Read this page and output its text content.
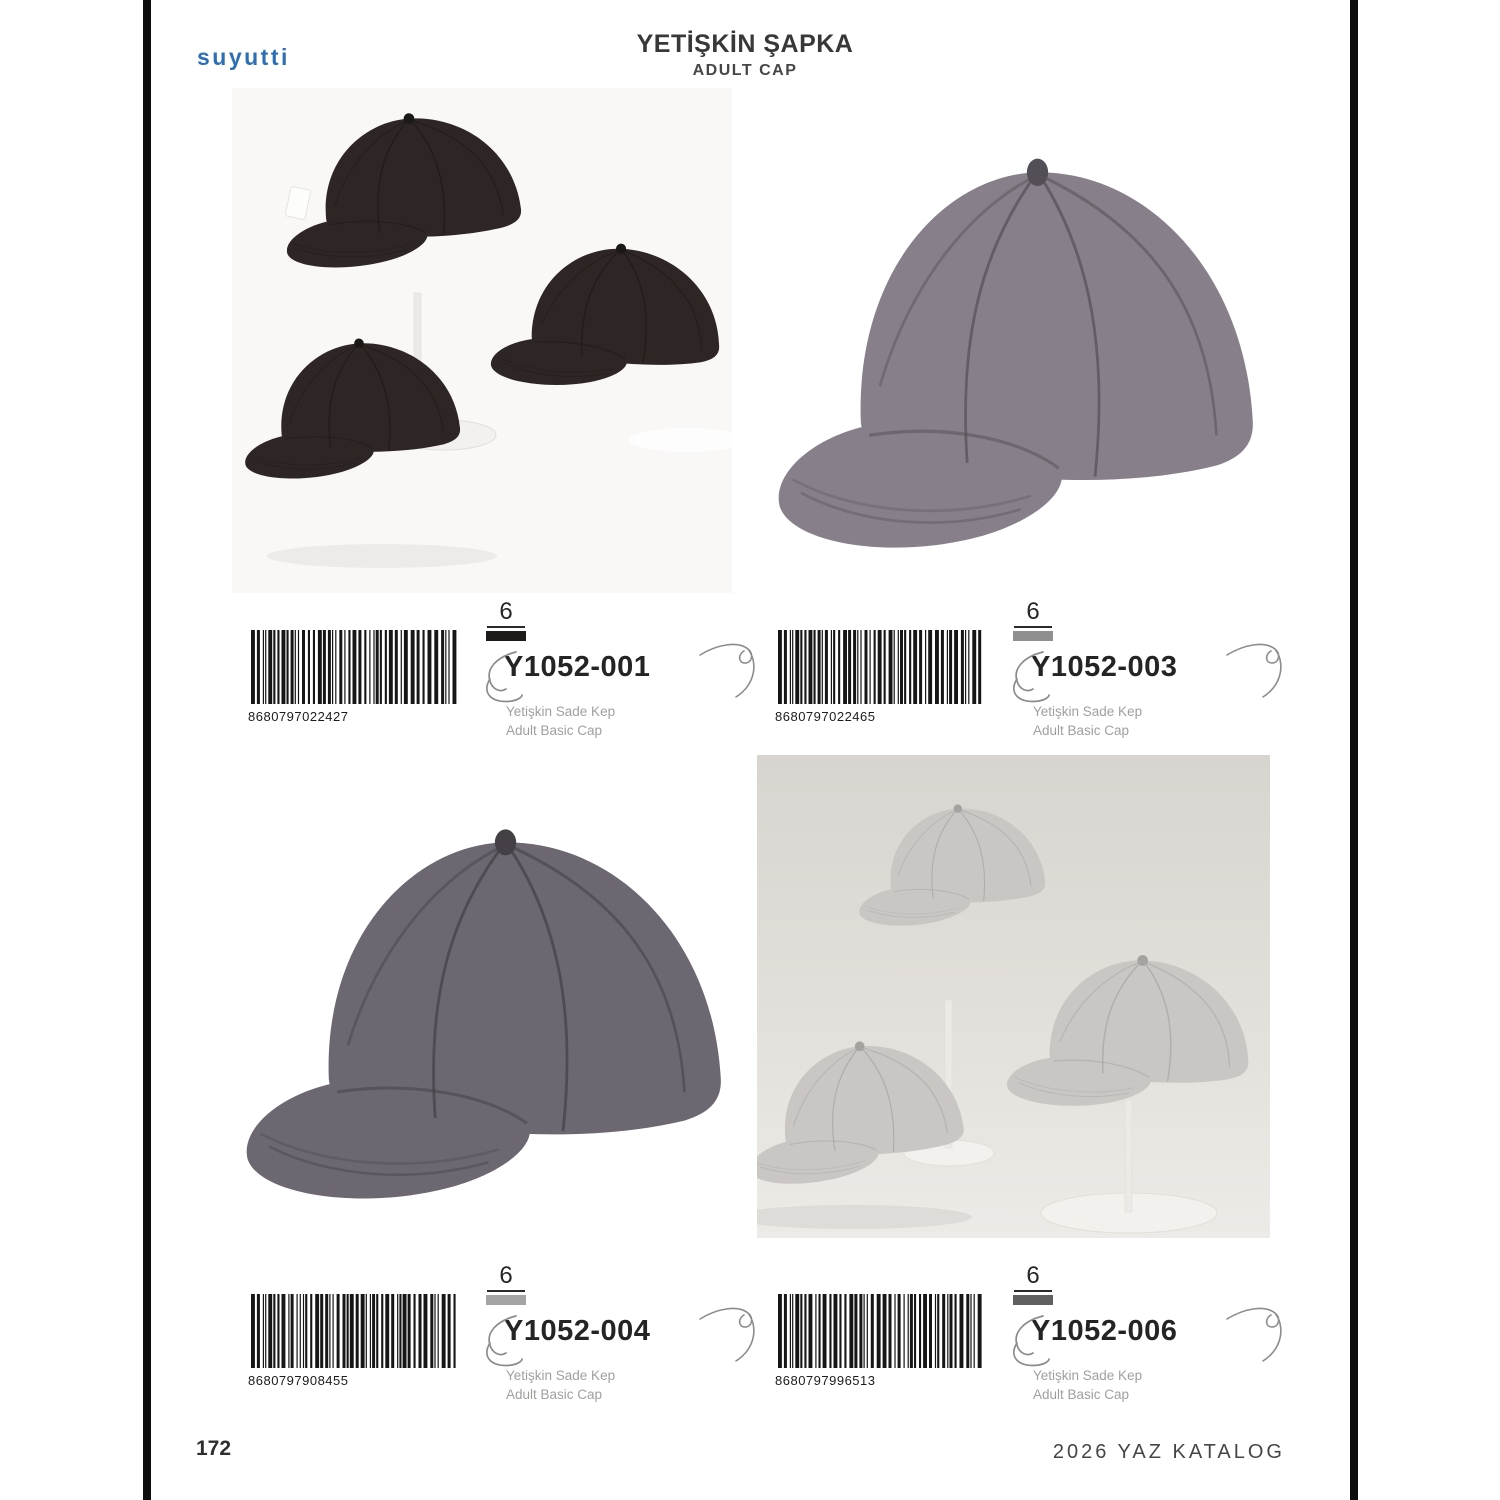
suyutti	YETİŞKİN ŞAPKA
ADULT CAP
8680797022427
6
Y1052-001
Yetişkin Sade Kep
Adult Basic Cap
8680797022465
6
Y1052-003
Yetişkin Sade Kep
Adult Basic Cap
8680797908455
6
Y1052-004
Yetişkin Sade Kep
Adult Basic Cap
8680797996513
6
Y1052-006
Yetişkin Sade Kep
Adult Basic Cap
172	2026 YAZ KATALOG
